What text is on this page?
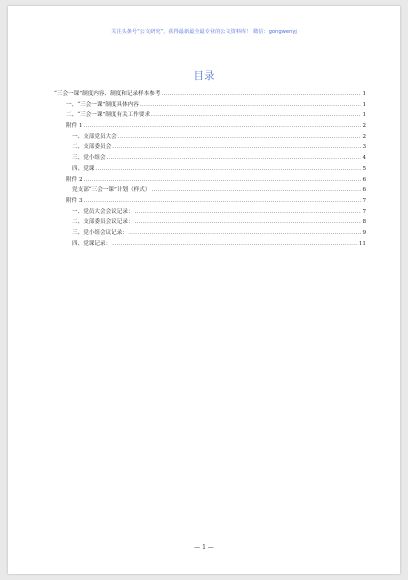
关注头条号“公文研究”，获得最新最全最专业的公文资料库！ 微信：gongwenyj
目录
“三会一课”制度内容、制度和记录样本参考 .....	1
一、“三会一课”制度具体内容 .....	1
二、“三会一课”制度有关工作要求 .....	1
附件 1 .....	2
一、支部党员大会 .....	2
二、支部委员会 .....	3
三、党小组会 .....	4
四、党课 .....	5
附件 2 .....	6
党支部“三会一课”计划（样式） .....	6
附件 3 .....	7
一、党员大会会议记录： .....	7
二、支部委员会议记录： .....	8
三、党小组会议记录： .....	9
四、党课记录： .....	11
— 1 —
